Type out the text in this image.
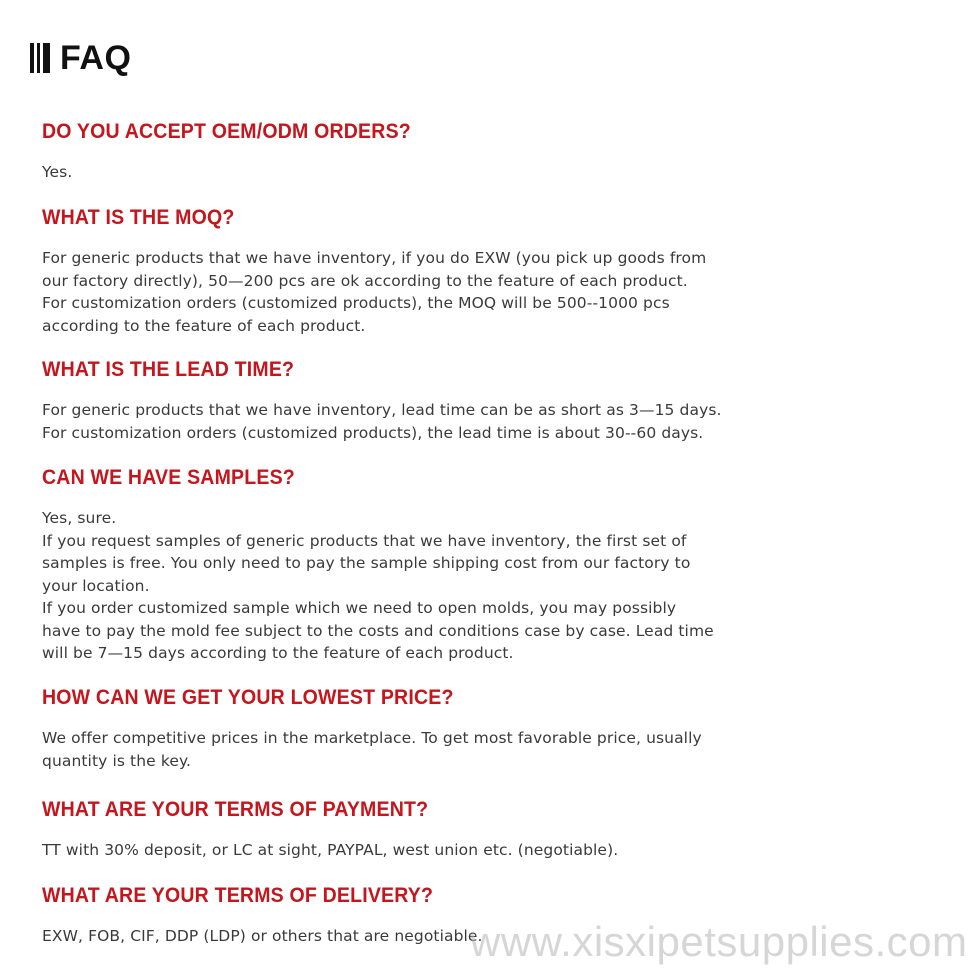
FAQ
DO YOU ACCEPT OEM/ODM ORDERS?
Yes.
WHAT IS THE MOQ?
For generic products that we have inventory, if you do EXW (you pick up goods from
our factory directly), 50—200 pcs are ok according to the feature of each product.
For customization orders (customized products), the MOQ will be 500--1000 pcs
according to the feature of each product.
WHAT IS THE LEAD TIME?
For generic products that we have inventory, lead time can be as short as 3—15 days.
For customization orders (customized products), the lead time is about 30--60 days.
CAN WE HAVE SAMPLES?
Yes, sure.
If you request samples of generic products that we have inventory, the first set of
samples is free. You only need to pay the sample shipping cost from our factory to
your location.
If you order customized sample which we need to open molds, you may possibly
have to pay the mold fee subject to the costs and conditions case by case. Lead time
will be 7—15 days according to the feature of each product.
HOW CAN WE GET YOUR LOWEST PRICE?
We offer competitive prices in the marketplace. To get most favorable price, usually
quantity is the key.
WHAT ARE YOUR TERMS OF PAYMENT?
TT with 30% deposit, or LC at sight, PAYPAL, west union etc. (negotiable).
WHAT ARE YOUR TERMS OF DELIVERY?
EXW, FOB, CIF, DDP (LDP) or others that are negotiable.
www.xisxipetsupplies.com
